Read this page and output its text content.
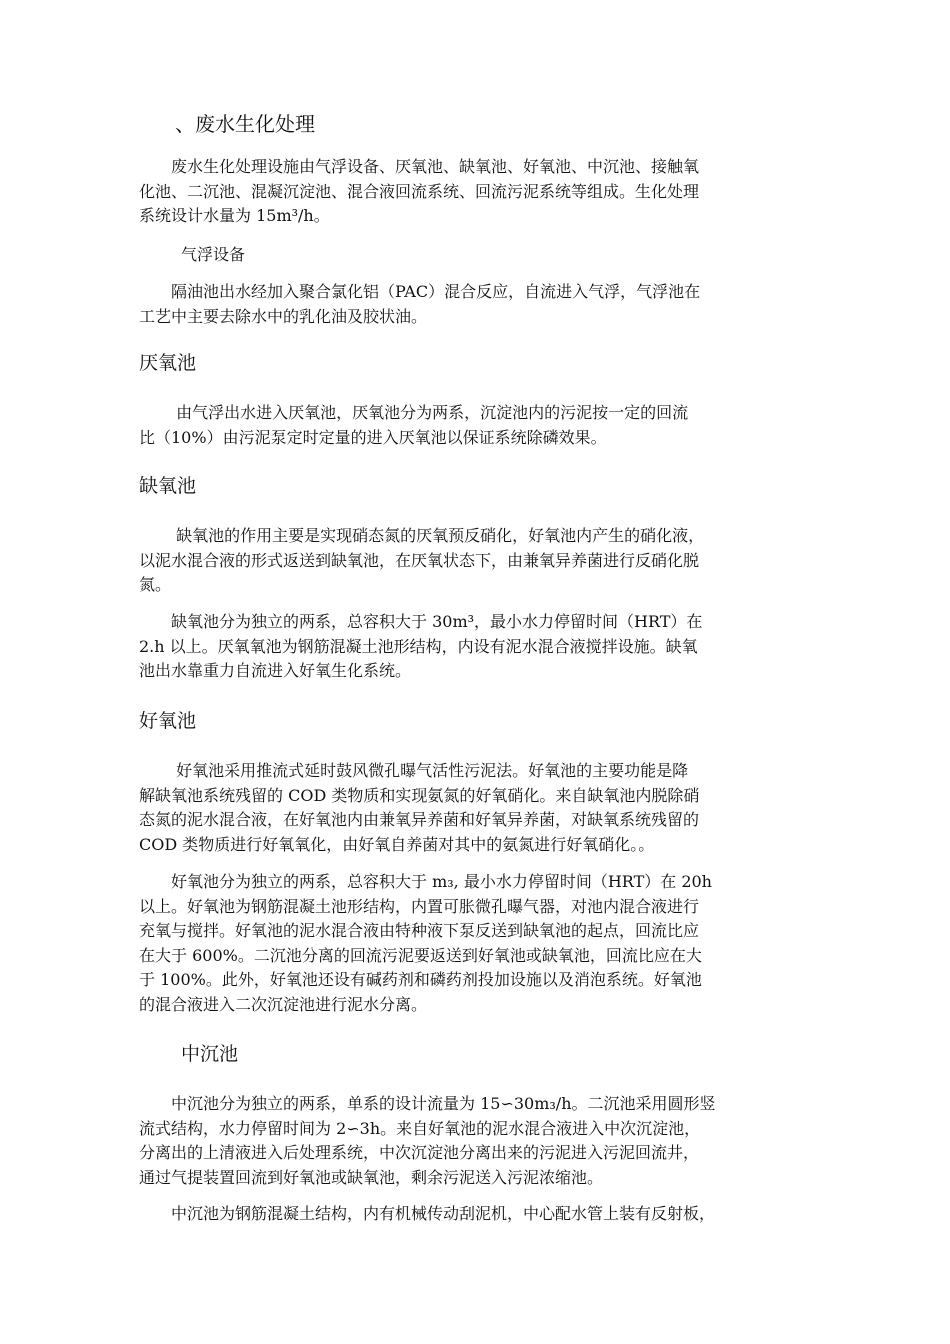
、废水生化处理
　　废水生化处理设施由气浮设备、厌氧池、缺氧池、好氧池、中沉池、接触氧
化池、二沉池、混凝沉淀池、混合液回流系统、回流污泥系统等组成。生化处理
系统设计水量为 15m³/h。
气浮设备
　　隔油池出水经加入聚合氯化铝（PAC）混合反应，自流进入气浮，气浮池在
工艺中主要去除水中的乳化油及胶状油。
厌氧池
　　 由气浮出水进入厌氧池，厌氧池分为两系，沉淀池内的污泥按一定的回流
比（10%）由污泥泵定时定量的进入厌氧池以保证系统除磷效果。
缺氧池
　　 缺氧池的作用主要是实现硝态氮的厌氧预反硝化，好氧池内产生的硝化液，
以泥水混合液的形式返送到缺氧池，在厌氧状态下，由兼氧异养菌进行反硝化脱
氮。
　　缺氧池分为独立的两系，总容积大于 30m³，最小水力停留时间（HRT）在
2.h 以上。厌氧氧池为钢筋混凝土池形结构，内设有泥水混合液搅拌设施。缺氧
池出水靠重力自流进入好氧生化系统。
好氧池
　　 好氧池采用推流式延时鼓风微孔曝气活性污泥法。好氧池的主要功能是降
解缺氧池系统残留的 COD 类物质和实现氨氮的好氧硝化。来自缺氧池内脱除硝
态氮的泥水混合液，在好氧池内由兼氧异养菌和好氧异养菌，对缺氧系统残留的
COD 类物质进行好氧氧化，由好氧自养菌对其中的氨氮进行好氧硝化。。
　　好氧池分为独立的两系，总容积大于 m₃, 最小水力停留时间（HRT）在 20h
以上。好氧池为钢筋混凝土池形结构，内置可胀微孔曝气器，对池内混合液进行
充氧与搅拌。好氧池的泥水混合液由特种液下泵反送到缺氧池的起点，回流比应
在大于 600%。二沉池分离的回流污泥要返送到好氧池或缺氧池，回流比应在大
于 100%。此外，好氧池还设有碱药剂和磷药剂投加设施以及消泡系统。好氧池
的混合液进入二次沉淀池进行泥水分离。
中沉池
　　中沉池分为独立的两系，单系的设计流量为 15∽30m₃/h。二沉池采用圆形竖
流式结构，水力停留时间为 2∽3h。来自好氧池的泥水混合液进入中次沉淀池，
分离出的上清液进入后处理系统，中次沉淀池分离出来的污泥进入污泥回流井，
通过气提装置回流到好氧池或缺氧池，剩余污泥送入污泥浓缩池。
　　中沉池为钢筋混凝土结构，内有机械传动刮泥机，中心配水管上装有反射板，
